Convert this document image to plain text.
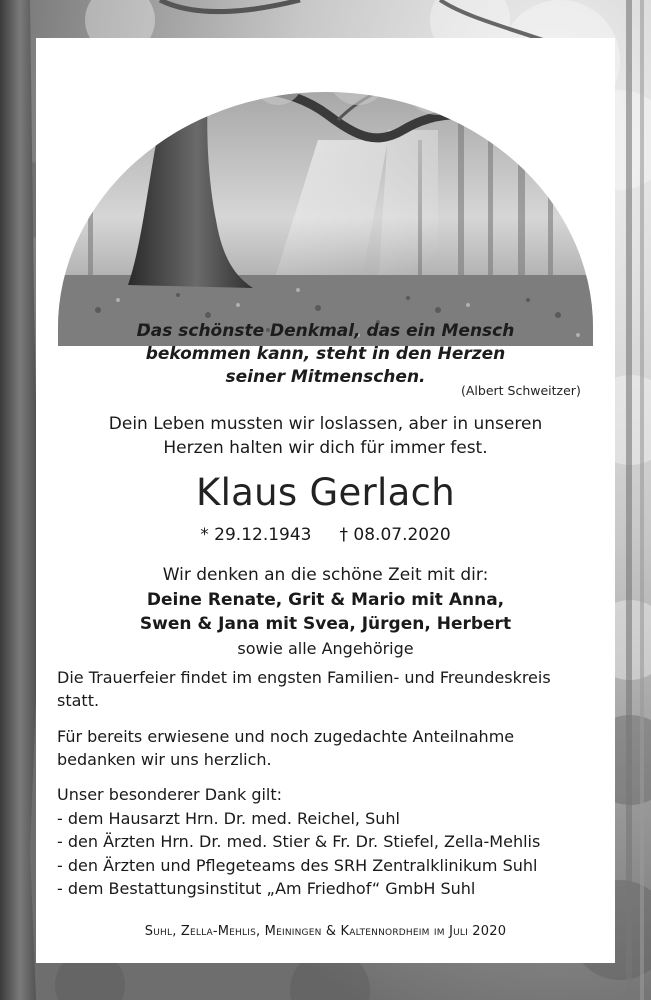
Das schönste Denkmal, das ein Mensch
bekommen kann, steht in den Herzen
seiner Mitmenschen.
(Albert Schweitzer)
Dein Leben mussten wir loslassen, aber in unseren
Herzen halten wir dich für immer fest.
Klaus Gerlach
* 29.12.1943 † 08.07.2020
Wir denken an die schöne Zeit mit dir:
Deine Renate, Grit & Mario mit Anna,
Swen & Jana mit Svea, Jürgen, Herbert
sowie alle Angehörige
Die Trauerfeier findet im engsten Familien- und Freundeskreis
statt.
Für bereits erwiesene und noch zugedachte Anteilnahme
bedanken wir uns herzlich.
Unser besonderer Dank gilt:
- dem Hausarzt Hrn. Dr. med. Reichel, Suhl
- den Ärzten Hrn. Dr. med. Stier & Fr. Dr. Stiefel, Zella-Mehlis
- den Ärzten und Pflegeteams des SRH Zentralklinikum Suhl
- dem Bestattungsinstitut „Am Friedhof“ GmbH Suhl
Suhl, Zella-Mehlis, Meiningen & Kaltennordheim im Juli 2020
